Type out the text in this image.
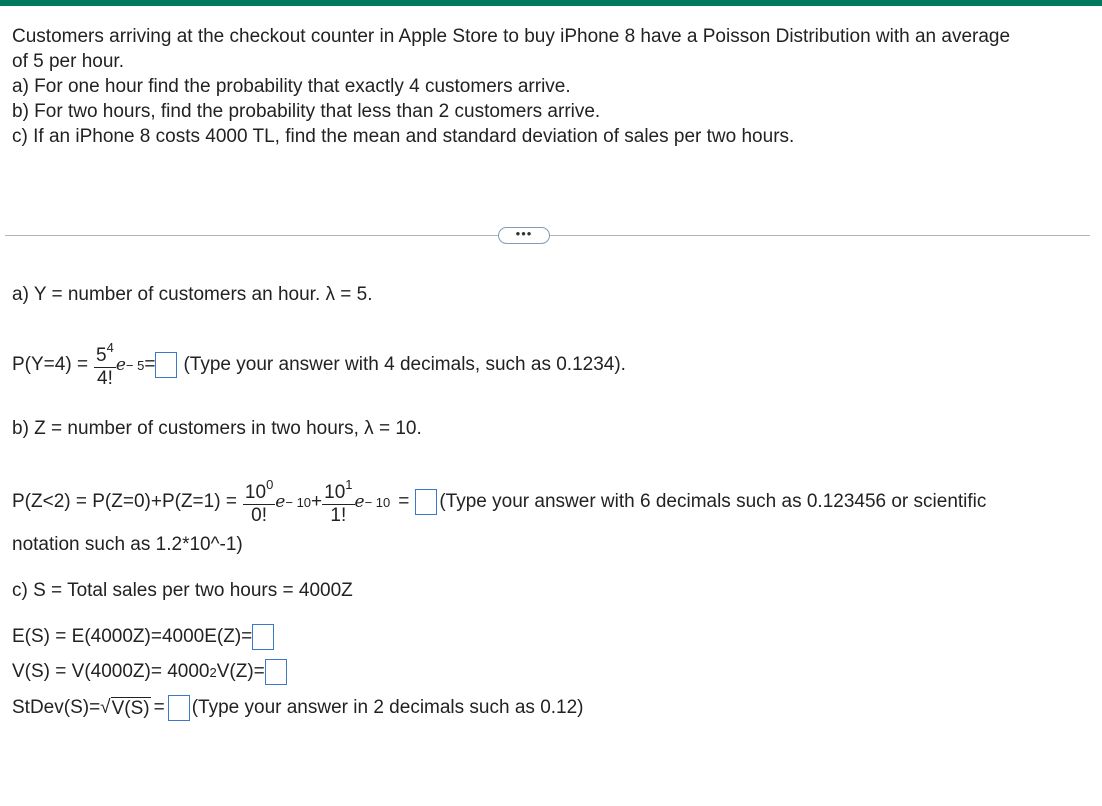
Customers arriving at the checkout counter in Apple Store to buy iPhone 8 have a Poisson Distribution with an average
of 5 per hour.
a) For one hour find the probability that exactly 4 customers arrive.
b) For two hours, find the probability that less than 2 customers arrive.
c) If an iPhone 8 costs 4000 TL, find the mean and standard deviation of sales per two hours.
•••
a) Y = number of customers an hour. λ = 5.
$P(Y=4) = \frac{5^4}{4!}$ e − 5 = (Type your answer with 4 decimals, such as 0.1234).
b) Z = number of customers in two hours, λ = 10.
$P(Z<2) = P(Z=0)+P(Z=1) = \frac{10^0}{0!}$ $e - 10 + \frac{10^1}{1!}$ e − 10 = (Type your answer with 6 decimals such as 0.123456 or scientific
notation such as 1.2*10^-1)
c) S = Total sales per two hours = 4000Z
E(S) = E(4000Z)=4000E(Z)=
V(S) = V(4000Z)= 4000 2 V(Z)=
StDev(S)=√ V(S) = (Type your answer in 2 decimals such as 0.12)
